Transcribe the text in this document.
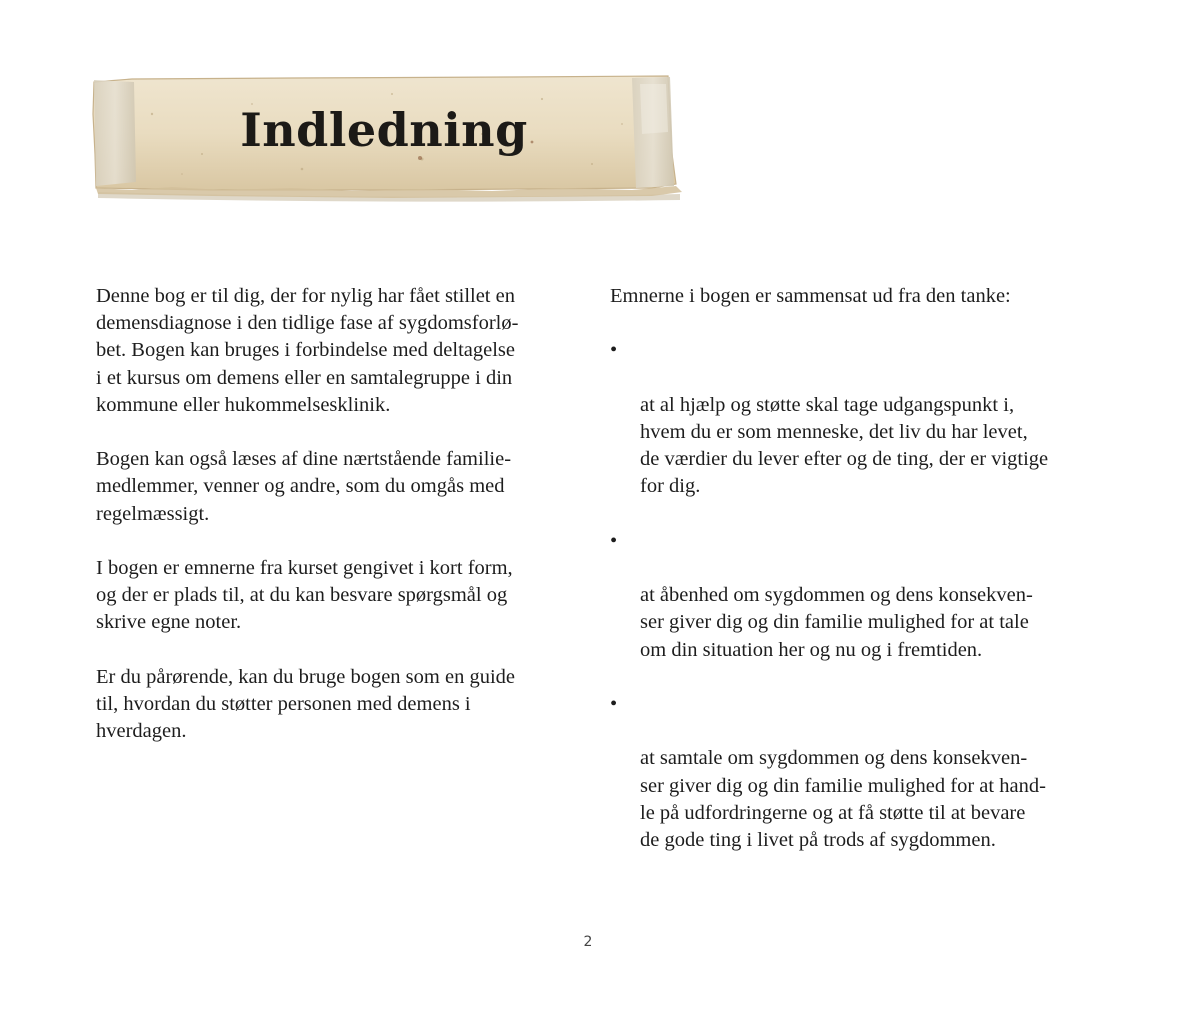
Indledning

Denne bog er til dig, der for nylig har fået stillet en
demensdiagnose i den tidlige fase af sygdomsforlø-
bet. Bogen kan bruges i forbindelse med deltagelse
i et kursus om demens eller en samtalegruppe i din
kommune eller hukommelsesklinik.

Bogen kan også læses af dine nærtstående familie-
medlemmer, venner og andre, som du omgås med
regelmæssigt.

I bogen er emnerne fra kurset gengivet i kort form,
og der er plads til, at du kan besvare spørgsmål og
skrive egne noter.

Er du pårørende, kan du bruge bogen som en guide
til, hvordan du støtter personen med demens i
hverdagen.

Emnerne i bogen er sammensat ud fra den tanke:

•

at al hjælp og støtte skal tage udgangspunkt i,
hvem du er som menneske, det liv du har levet,
de værdier du lever efter og de ting, der er vigtige
for dig.

•

at åbenhed om sygdommen og dens konsekven-
ser giver dig og din familie mulighed for at tale
om din situation her og nu og i fremtiden.

•

at samtale om sygdommen og dens konsekven-
ser giver dig og din familie mulighed for at hand-
le på udfordringerne og at få støtte til at bevare
de gode ting i livet på trods af sygdommen.

2
